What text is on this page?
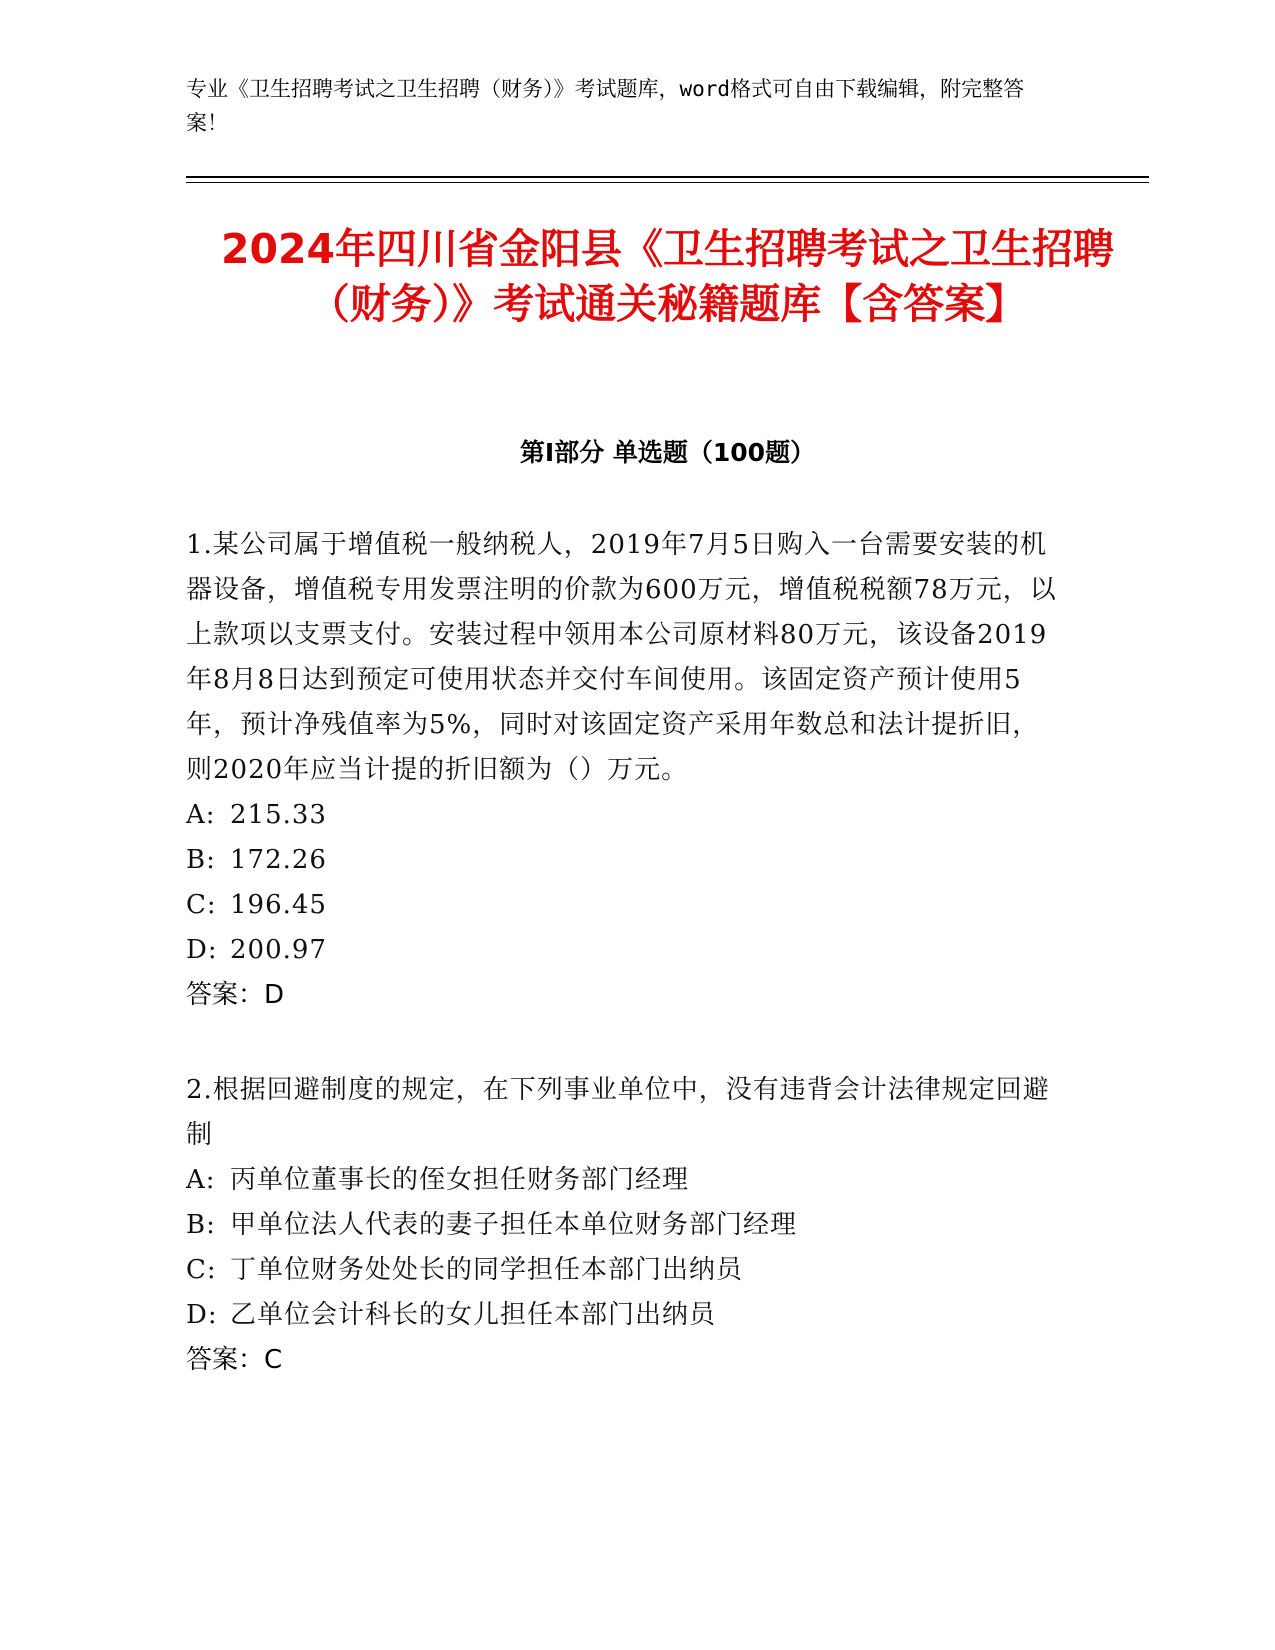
专业《卫生招聘考试之卫生招聘（财务）》考试题库，word格式可自由下载编辑，附完整答案！
2024年四川省金阳县《卫生招聘考试之卫生招聘（财务）》考试通关秘籍题库【含答案】
第I部分 单选题（100题）

1.某公司属于增值税一般纳税人，2019年7月5日购入一台需要安装的机器设备，增值税专用发票注明的价款为600万元，增值税税额78万元，以上款项以支票支付。安装过程中领用本公司原材料80万元，该设备2019年8月8日达到预定可使用状态并交付车间使用。该固定资产预计使用5年，预计净残值率为5%，同时对该固定资产采用年数总和法计提折旧，则2020年应当计提的折旧额为（）万元。

A: 215.33
B: 172.26
C: 196.45
D: 200.97

答案：D

2.根据回避制度的规定，在下列事业单位中，没有违背会计法律规定回避制

A: 丙单位董事长的侄女担任财务部门经理
B: 甲单位法人代表的妻子担任本单位财务部门经理
C: 丁单位财务处处长的同学担任本部门出纳员
D: 乙单位会计科长的女儿担任本部门出纳员

答案：C
